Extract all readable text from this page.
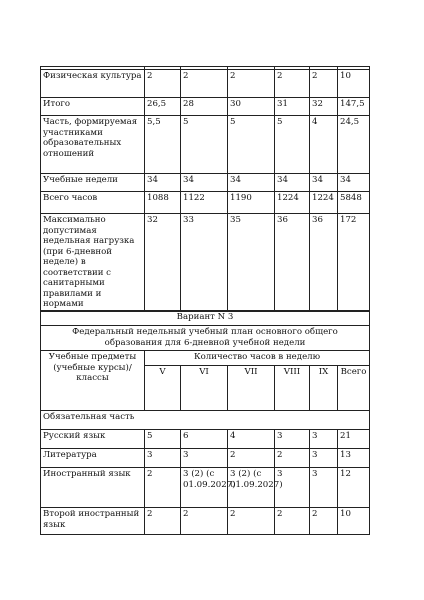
Физическая культура	2	2	2	2	2	10
Итого	26,5	28	30	31	32	147,5
Часть, формируемая участниками образовательных отношений	5,5	5	5	5	4	24,5
Учебные недели	34	34	34	34	34	34
Всего часов	1088	1122	1190	1224	1224	5848
Максимально допустимая недельная нагрузка (при 6-дневной неделе) в соответствии с санитарными правилами и нормами	32	33	35	36	36	172
Вариант N 3						
Федеральный недельный учебный план основного общего образования для 6-дневной учебной недели						
Учебные предметы (учебные курсы)/классы	Количество часов в неделю					
	V	VI	VII	VIII	IX	Всего
Обязательная часть						
Русский язык	5	6	4	3	3	21
Литература	3	3	2	2	3	13
Иностранный язык	2	3 (2) (с 01.09.2027)	3 (2) (с 01.09.2027)	3	3	12
Второй иностранный язык	2	2	2	2	2	10
